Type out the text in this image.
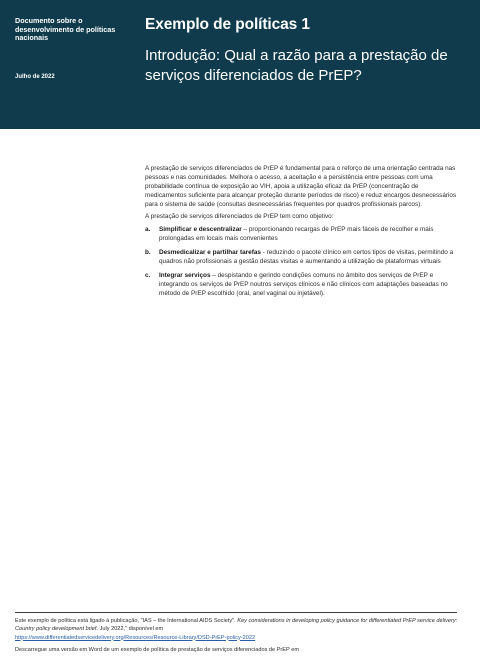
Documento sobre o desenvolvimento de políticas nacionais
Julho de 2022
Exemplo de políticas 1
Introdução: Qual a razão para a prestação de serviços diferenciados de PrEP?

A prestação de serviços diferenciados de PrEP é fundamental para o reforço de uma orientação centrada nas pessoas e nas comunidades. Melhora o acesso, a aceitação e a persistência entre pessoas com uma probabilidade contínua de exposição ao VIH, apoia a utilização eficaz da PrEP (concentração de medicamentos suficiente para alcançar proteção durante períodos de risco) e reduz encargos desnecessários para o sistema de saúde (consultas desnecessárias frequentes por quadros profissionais parcos).

A prestação de serviços diferenciados de PrEP tem como objetivo:

a. Simplificar e descentralizar – proporcionando recargas de PrEP mais fáceis de recolher e mais prolongadas em locais mais convenientes
b. Desmedicalizar e partilhar tarefas - reduzindo o pacote clínico em certos tipos de visitas, permitindo a quadros não profissionais a gestão destas visitas e aumentando a utilização de plataformas virtuais
c. Integrar serviços – despistando e gerindo condições comuns no âmbito dos serviços de PrEP e integrando os serviços de PrEP noutros serviços clínicos e não clínicos com adaptações baseadas no método de PrEP escolhido (oral, anel vaginal ou injetável).

Este exemplo de política está ligado à publicação, "IAS – the International AIDS Society". Key considerations in developing policy guidance for differentiated PrEP service delivery: Country policy development brief. July 2022," disponível em
https://www.differentiatedservicedelivery.org/Resources/Resource-Library/DSD-PrEP-policy-2022

Descarregue uma versão em Word de um exemplo de política de prestação de serviços diferenciados de PrEP em
